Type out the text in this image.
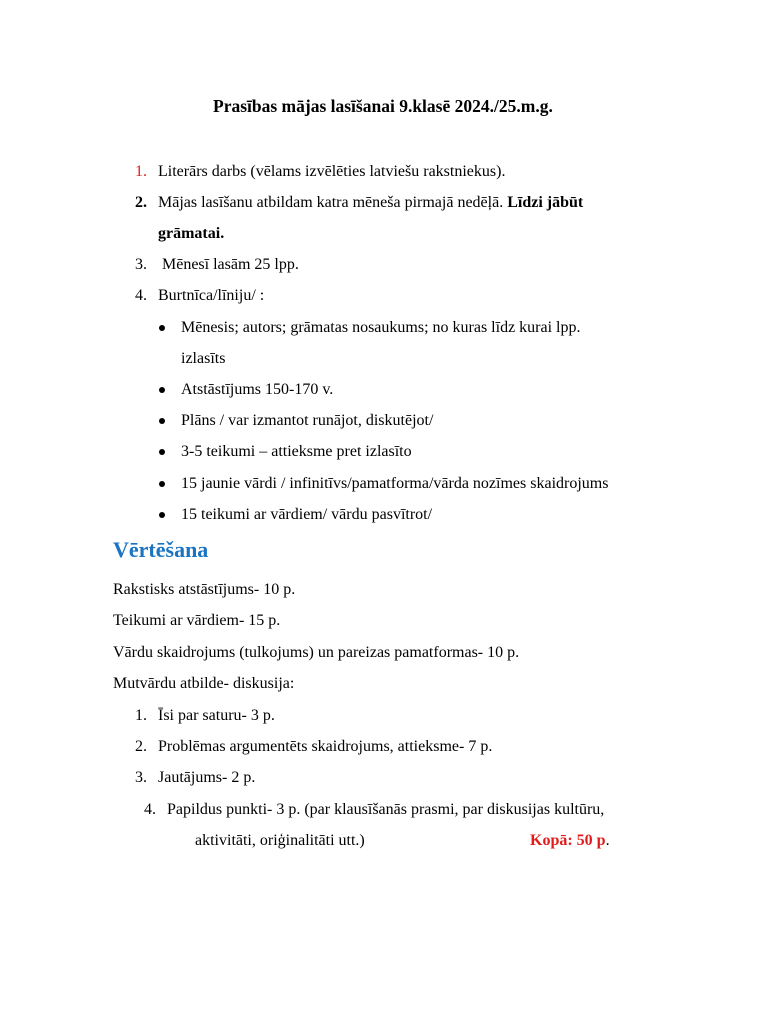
Prasības mājas lasīšanai 9.klasē 2024./25.m.g.
1. Literārs darbs (vēlams izvēlēties latviešu rakstniekus).
2. Mājas lasīšanu atbildam katra mēneša pirmajā nedēļā. Līdzi jābūt
grāmatai.
3. Mēnesī lasām 25 lpp.
4. Burtnīca/līniju/ :
Mēnesis; autors; grāmatas nosaukums; no kuras līdz kurai lpp.
izlasīts
Atstāstījums 150-170 v.
Plāns / var izmantot runājot, diskutējot/
3-5 teikumi – attieksme pret izlasīto
15 jaunie vārdi / infinitīvs/pamatforma/vārda nozīmes skaidrojums
15 teikumi ar vārdiem/ vārdu pasvītrot/
Vērtēšana
Rakstisks atstāstījums- 10 p.
Teikumi ar vārdiem- 15 p.
Vārdu skaidrojums (tulkojums) un pareizas pamatformas- 10 p.
Mutvārdu atbilde- diskusija:
1. Īsi par saturu- 3 p.
2. Problēmas argumentēts skaidrojums, attieksme- 7 p.
3. Jautājums- 2 p.
4. Papildus punkti- 3 p. (par klausīšanās prasmi, par diskusijas kultūru,
aktivitāti, oriģinalitāti utt.)	Kopā: 50 p.
